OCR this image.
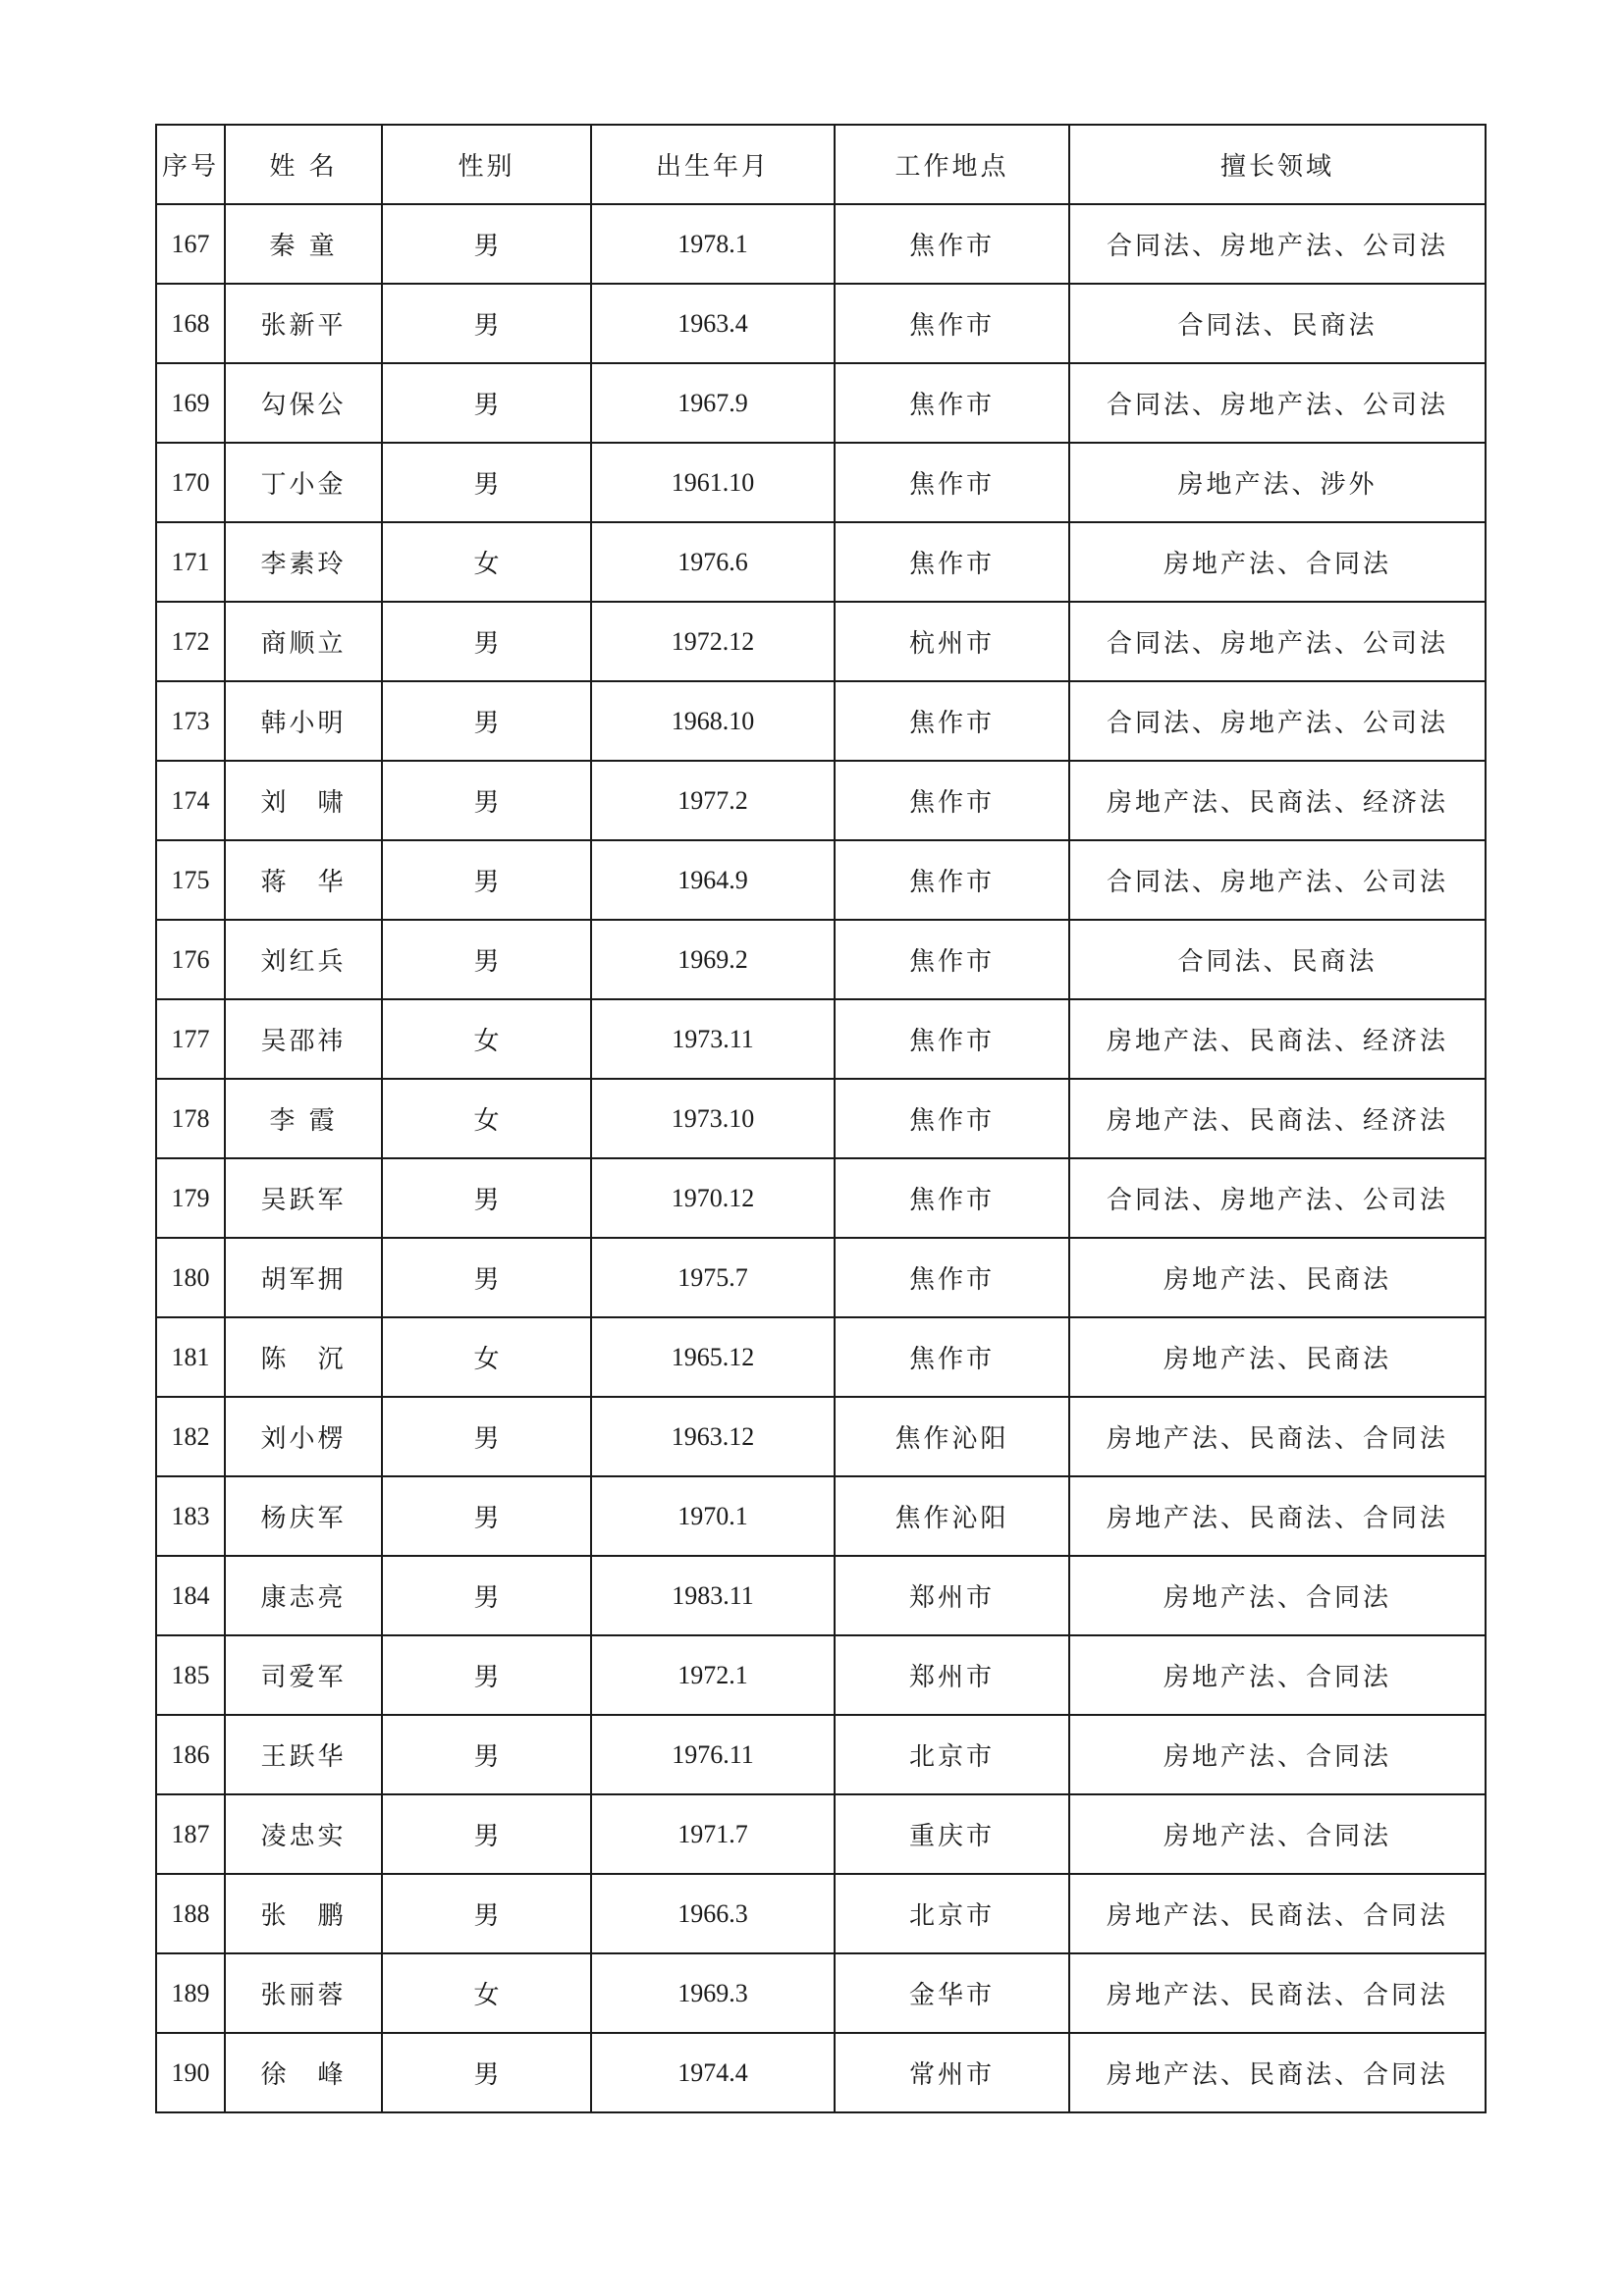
序号	姓 名	性别	出生年月	工作地点	擅长领域
167	秦 童	男	1978.1	焦作市	合同法、房地产法、公司法
168	张新平	男	1963.4	焦作市	合同法、民商法
169	勾保公	男	1967.9	焦作市	合同法、房地产法、公司法
170	丁小金	男	1961.10	焦作市	房地产法、涉外
171	李素玲	女	1976.6	焦作市	房地产法、合同法
172	商顺立	男	1972.12	杭州市	合同法、房地产法、公司法
173	韩小明	男	1968.10	焦作市	合同法、房地产法、公司法
174	刘　啸	男	1977.2	焦作市	房地产法、民商法、经济法
175	蒋　华	男	1964.9	焦作市	合同法、房地产法、公司法
176	刘红兵	男	1969.2	焦作市	合同法、民商法
177	吴邵祎	女	1973.11	焦作市	房地产法、民商法、经济法
178	李 霞	女	1973.10	焦作市	房地产法、民商法、经济法
179	吴跃军	男	1970.12	焦作市	合同法、房地产法、公司法
180	胡军拥	男	1975.7	焦作市	房地产法、民商法
181	陈　沉	女	1965.12	焦作市	房地产法、民商法
182	刘小楞	男	1963.12	焦作沁阳	房地产法、民商法、合同法
183	杨庆军	男	1970.1	焦作沁阳	房地产法、民商法、合同法
184	康志亮	男	1983.11	郑州市	房地产法、合同法
185	司爱军	男	1972.1	郑州市	房地产法、合同法
186	王跃华	男	1976.11	北京市	房地产法、合同法
187	凌忠实	男	1971.7	重庆市	房地产法、合同法
188	张　鹏	男	1966.3	北京市	房地产法、民商法、合同法
189	张丽蓉	女	1969.3	金华市	房地产法、民商法、合同法
190	徐　峰	男	1974.4	常州市	房地产法、民商法、合同法
